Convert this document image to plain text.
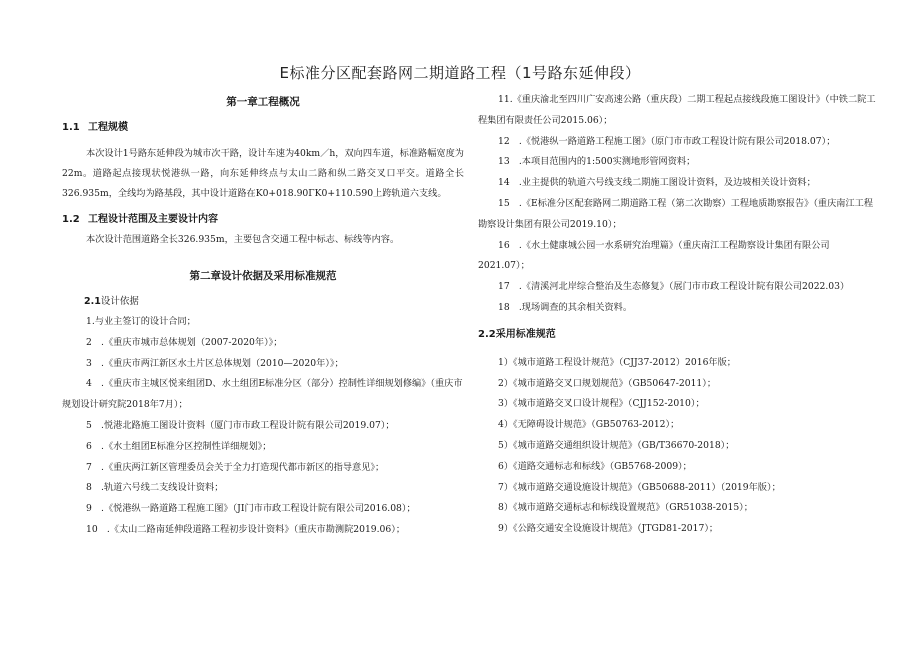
E标准分区配套路网二期道路工程（1号路东延伸段）
第一章工程概况
1.1 工程规模
本次设计1号路东延伸段为城市次干路，设计车速为40km／h，双向四车道，标准路幅宽度为22m。道路起点接现状悦港纵一路，向东延伸终点与太山二路和纵二路交叉口平交。道路全长326.935m，全线均为路基段，其中设计道路在K0+018.90ΓK0+110.590上跨轨道六支线。
1.2 工程设计范围及主要设计内容
本次设计范围道路全长326.935m，主要包含交通工程中标志、标线等内容。
第二章设计依据及采用标准规范
2.1设计依据
1.与业主签订的设计合同；
2　.《重庆市城市总体规划（2007-2020年）》；
3　.《重庆市两江新区水土片区总体规划（2010—2020年）》；
4　.《重庆市主城区悦来组团D、水土组团E标准分区（部分）控制性详细规划修编》（重庆市规划设计研究院2018年7月）；
5　.悦港北路施工图设计资料（厦门市市政工程设计院有限公司2019.07）；
6　.《水土组团E标准分区控制性详细规划》；
7　.《重庆两江新区管理委员会关于全力打造现代都市新区的指导意见》；
8　.轨道六号线二支线设计资料；
9　.《悦港纵一路道路工程施工图》（JI门市市政工程设计院有限公司2016.08）；
10　.《太山二路南延伸段道路工程初步设计资料》（重庆市勘测院2019.06）；
11.《重庆渝北至四川广安高速公路（重庆段）二期工程起点接线段施工图设计》（中铁二院工程集团有限责任公司2015.06）；
12　.《悦港纵一路道路工程施工图》（原门市市政工程设计院有限公司2018.07）；
13　.本项目范围内的1:500实测地形管网资料；
14　.业主提供的轨道六号线支线二期施工图设计资料，及边坡相关设计资料；
15　.《E标准分区配套路网二期道路工程（第二次勘察）工程地质勘察报告》（重庆南江工程勘察设计集团有限公司2019.10）；
16　.《水土健康城公园一水系研究治理篇》（重庆南江工程勘察设计集团有限公司2021.07）；
17　.《清溪河北岸综合整治及生态修复》（展门市市政工程设计院有限公司2022.03）
18　.现场调查的其余相关资料。
2.2采用标准规范
1）《城市道路工程设计规范》（CJJ37-2012）2016年版；
2）《城市道路交叉口规划规范》（GB50647-2011）；
3）《城市道路交叉口设计规程》（CJJ152-2010）；
4）《无障碍设计规范》（GB50763-2012）；
5）《城市道路交通组织设计规范》（GB/T36670-2018）；
6）《道路交通标志和标线》（GB5768-2009）；
7）《城市道路交通设施设计规范》（GB50688-2011）（2019年版）；
8）《城市道路交通标志和标线设置规范》（GR51038-2015）；
9）《公路交通安全设施设计规范》（JTGD81-2017）；
